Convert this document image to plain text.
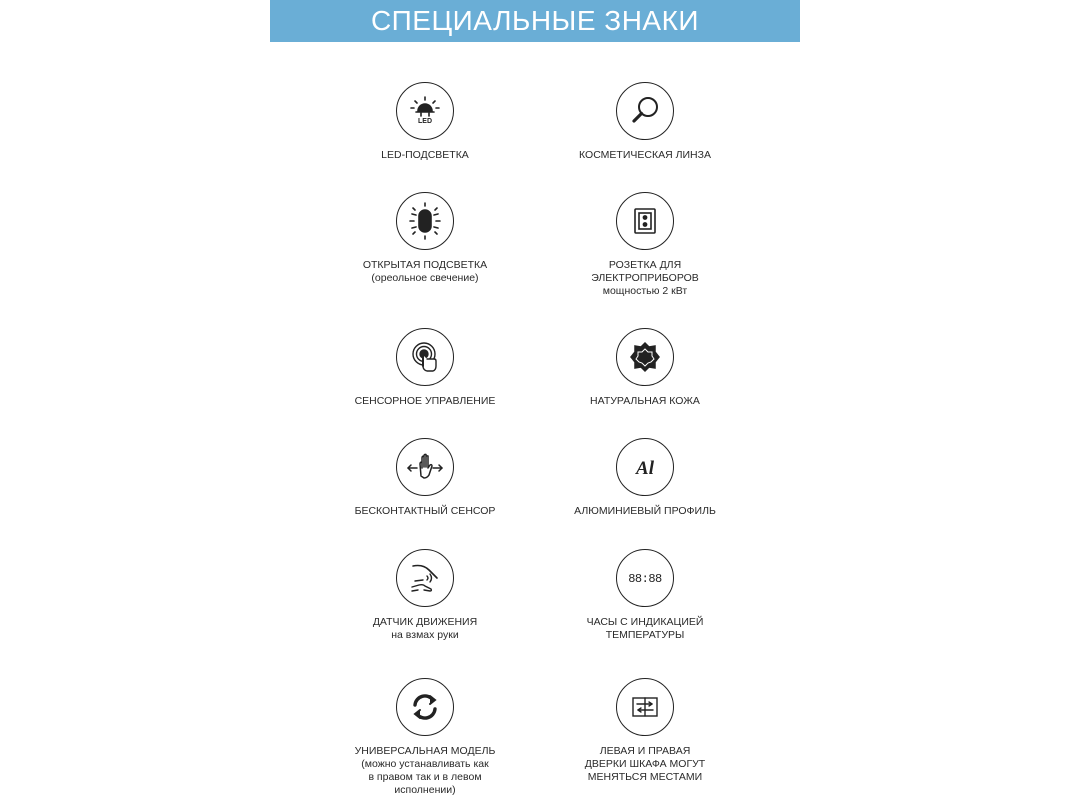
СПЕЦИАЛЬНЫЕ ЗНАКИ
LED
LED-ПОДСВЕТКА	КОСМЕТИЧЕСКАЯ ЛИНЗА
ОТКРЫТАЯ ПОДСВЕТКА
(ореольное свечение)
РОЗЕТКА ДЛЯ
ЭЛЕКТРОПРИБОРОВ
мощностью 2 кВт
СЕНСОРНОЕ УПРАВЛЕНИЕ	НАТУРАЛЬНАЯ КОЖА
БЕСКОНТАКТНЫЙ СЕНСОР
Al
АЛЮМИНИЕВЫЙ ПРОФИЛЬ
ДАТЧИК ДВИЖЕНИЯ
на взмах руки
88:88
ЧАСЫ С ИНДИКАЦИЕЙ
ТЕМПЕРАТУРЫ
УНИВЕРСАЛЬНАЯ МОДЕЛЬ
(можно устанавливать как
в правом так и в левом
исполнении)
ЛЕВАЯ И ПРАВАЯ
ДВЕРКИ ШКАФА МОГУТ
МЕНЯТЬСЯ МЕСТАМИ
